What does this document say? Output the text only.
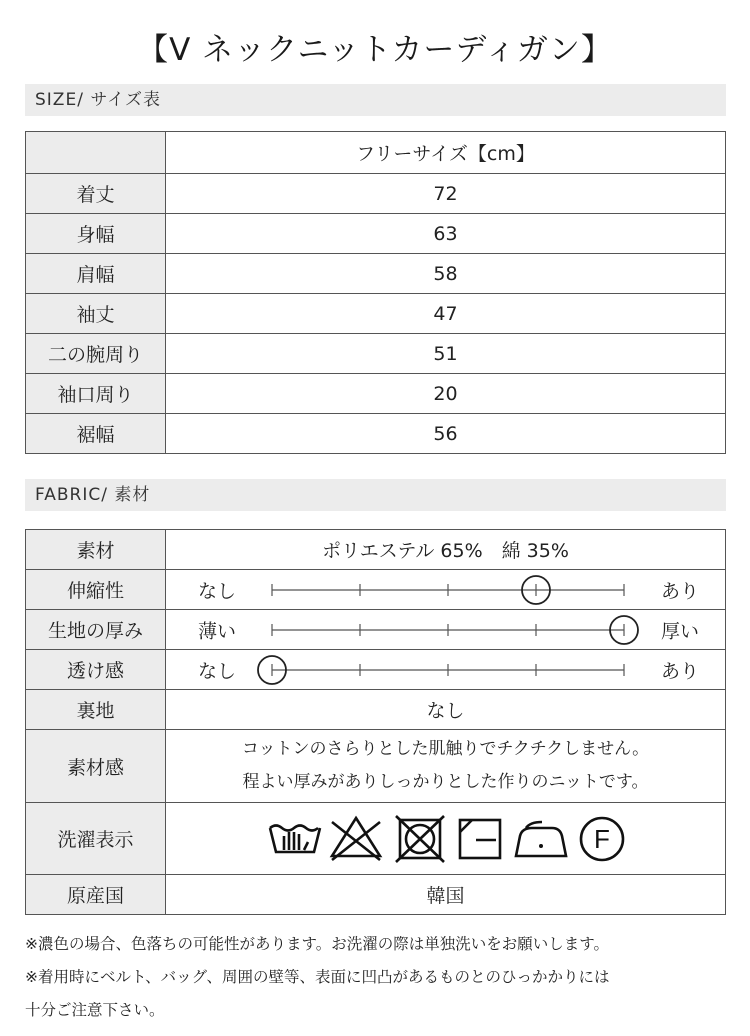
【V ネックニットカーディガン】
SIZE/ サイズ表
	フリーサイズ【cm】
着丈	72
身幅	63
肩幅	58
袖丈	47
二の腕周り	51
袖口周り	20
裾幅	56
FABRIC/ 素材
素材	ポリエステル 65%　綿 35%
伸縮性	なし あり

生地の厚み	薄い 厚い

透け感	なし あり

裏地	なし
素材感	コットンのさらりとした肌触りでチクチクしません。
程よい厚みがありしっかりとした作りのニットです。

洗濯表示	F

原産国	韓国
※濃色の場合、色落ちの可能性があります。お洗濯の際は単独洗いをお願いします。
※着用時にベルト、バッグ、周囲の壁等、表面に凹凸があるものとのひっかかりには
十分ご注意下さい。
